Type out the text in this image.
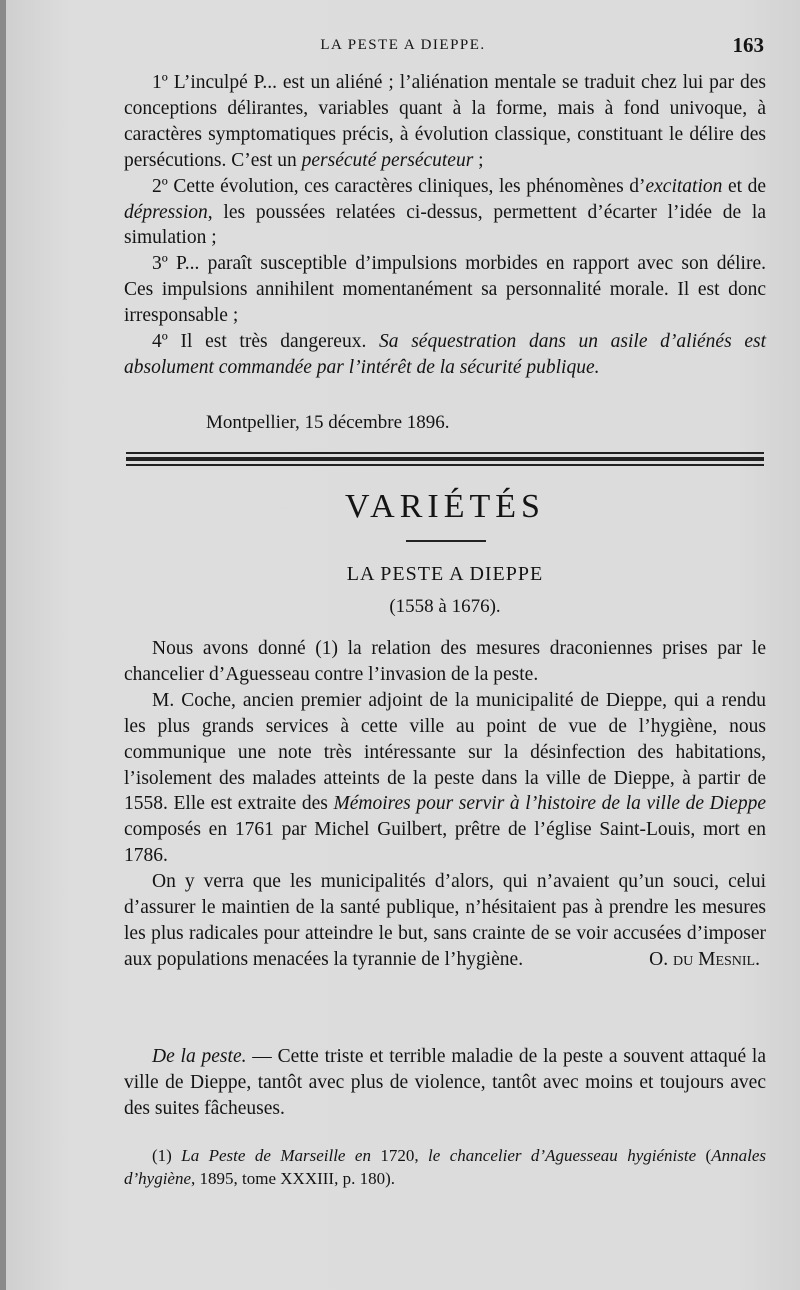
LA PESTE A DIEPPE.	163

1º L’inculpé P... est un aliéné ; l’aliénation mentale se traduit chez lui par des conceptions délirantes, variables quant à la forme, mais à fond univoque, à caractères symptomatiques précis, à évolution classique, constituant le délire des persécutions. C’est un persécuté persécuteur ;

2º Cette évolution, ces caractères cliniques, les phénomènes d’excitation et de dépression, les poussées relatées ci-dessus, permettent d’écarter l’idée de la simulation ;

3º P... paraît susceptible d’impulsions morbides en rapport avec son délire. Ces impulsions annihilent momentanément sa personnalité morale. Il est donc irresponsable ;

4º Il est très dangereux. Sa séquestration dans un asile d’aliénés est absolument commandée par l’intérêt de la sécurité publique.

Montpellier, 15 décembre 1896.
VARIÉTÉS
LA PESTE A DIEPPE
(1558 à 1676).

Nous avons donné (1) la relation des mesures draconiennes prises par le chancelier d’Aguesseau contre l’invasion de la peste.

M. Coche, ancien premier adjoint de la municipalité de Dieppe, qui a rendu les plus grands services à cette ville au point de vue de l’hygiène, nous communique une note très intéressante sur la désinfection des habitations, l’isolement des malades atteints de la peste dans la ville de Dieppe, à partir de 1558. Elle est extraite des Mémoires pour servir à l’histoire de la ville de Dieppe composés en 1761 par Michel Guilbert, prêtre de l’église Saint-Louis, mort en 1786.

On y verra que les municipalités d’alors, qui n’avaient qu’un souci, celui d’assurer le maintien de la santé publique, n’hésitaient pas à prendre les mesures les plus radicales pour atteindre le but, sans crainte de se voir accusées d’imposer aux populations menacées la tyrannie de l’hygiène.	O. du Mesnil.

De la peste. — Cette triste et terrible maladie de la peste a souvent attaqué la ville de Dieppe, tantôt avec plus de violence, tantôt avec moins et toujours avec des suites fâcheuses.

(1) La Peste de Marseille en 1720, le chancelier d’Aguesseau hygiéniste (Annales d’hygiène, 1895, tome XXXIII, p. 180).
